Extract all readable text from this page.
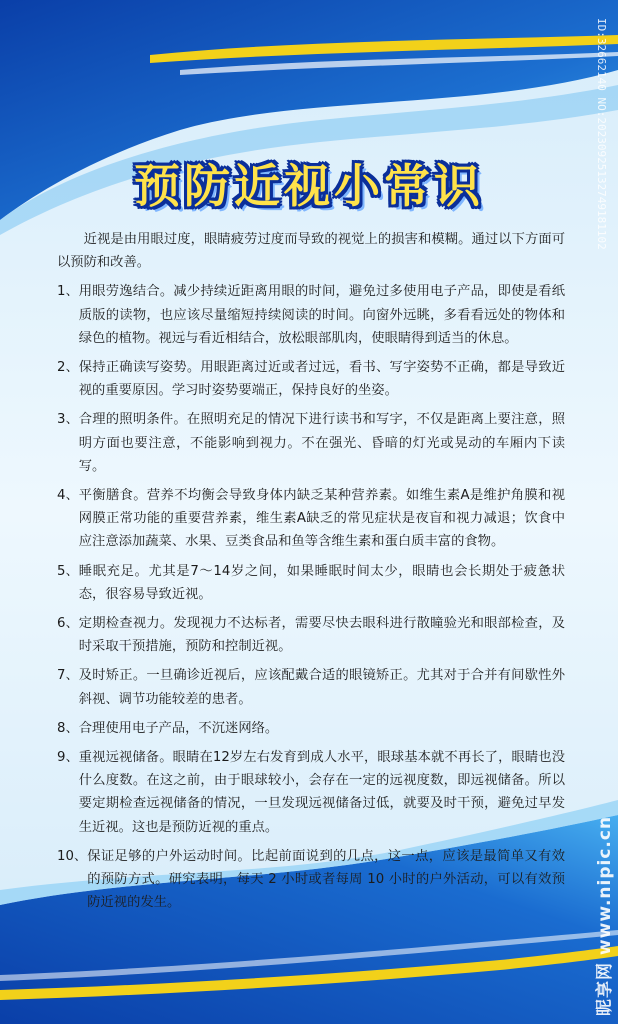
预防近视小常识

近视是由用眼过度，眼睛疲劳过度而导致的视觉上的损害和模糊。通过以下方面可以预防和改善。

1、 用眼劳逸结合。减少持续近距离用眼的时间，避免过多使用电子产品，即使是看纸质版的读物，也应该尽量缩短持续阅读的时间。向窗外远眺，多看看远处的物体和绿色的植物。视远与看近相结合，放松眼部肌肉，使眼睛得到适当的休息。
2、 保持正确读写姿势。用眼距离过近或者过远，看书、写字姿势不正确，都是导致近视的重要原因。学习时姿势要端正，保持良好的坐姿。
3、 合理的照明条件。在照明充足的情况下进行读书和写字，不仅是距离上要注意，照明方面也要注意，不能影响到视力。不在强光、昏暗的灯光或晃动的车厢内下读写。
4、 平衡膳食。营养不均衡会导致身体内缺乏某种营养素。如维生素A是维护角膜和视网膜正常功能的重要营养素，维生素A缺乏的常见症状是夜盲和视力减退；饮食中应注意添加蔬菜、水果、豆类食品和鱼等含维生素和蛋白质丰富的食物。
5、 睡眠充足。尤其是7～14岁之间，如果睡眠时间太少，眼睛也会长期处于疲惫状态，很容易导致近视。
6、 定期检查视力。发现视力不达标者，需要尽快去眼科进行散瞳验光和眼部检查，及时采取干预措施，预防和控制近视。
7、 及时矫正。一旦确诊近视后，应该配戴合适的眼镜矫正。尤其对于合并有间歇性外斜视、调节功能较差的患者。
8、 合理使用电子产品，不沉迷网络。
9、 重视远视储备。眼睛在12岁左右发育到成人水平，眼球基本就不再长了，眼睛也没什么度数。在这之前，由于眼球较小，会存在一定的远视度数，即远视储备。所以要定期检查远视储备的情况，一旦发现远视储备过低，就要及时干预，避免过早发生近视。这也是预防近视的重点。
10、 保证足够的户外运动时间。比起前面说到的几点，这一点，应该是最简单又有效的预防方式。研究表明，每天 2 小时或者每周 10 小时的户外活动，可以有效预防近视的发生。
ID:32662140 NO:20230925132749181102
昵享网 www.nipic.cn
